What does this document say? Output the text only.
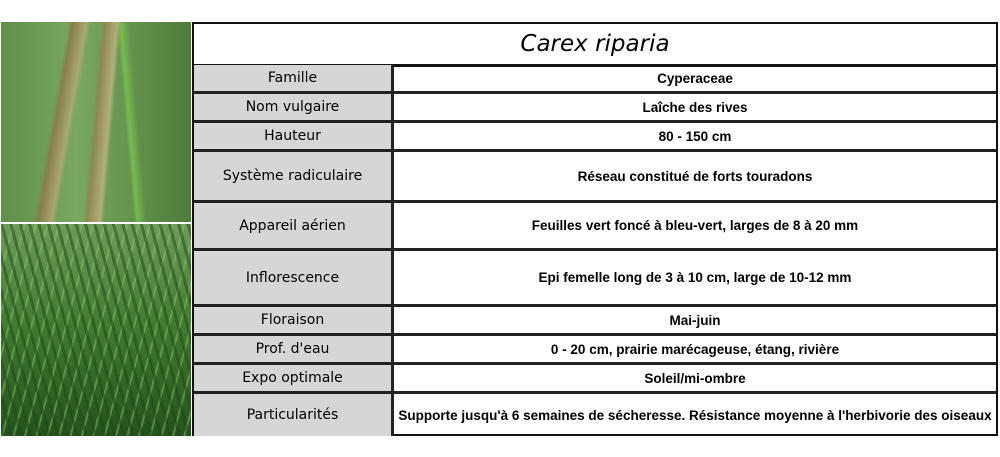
Carex riparia
Famille	Cyperaceae
Nom vulgaire	Laîche des rives
Hauteur	80 - 150 cm
Système radiculaire	Réseau constitué de forts touradons
Appareil aérien	Feuilles vert foncé à bleu-vert, larges de 8 à 20 mm
Inflorescence	Epi femelle long de 3 à 10 cm, large de 10-12 mm
Floraison	Mai-juin
Prof. d'eau	0 - 20 cm, prairie marécageuse, étang, rivière
Expo optimale	Soleil/mi-ombre
Particularités	Supporte jusqu'à 6 semaines de sécheresse. Résistance moyenne à l'herbivorie des oiseaux
